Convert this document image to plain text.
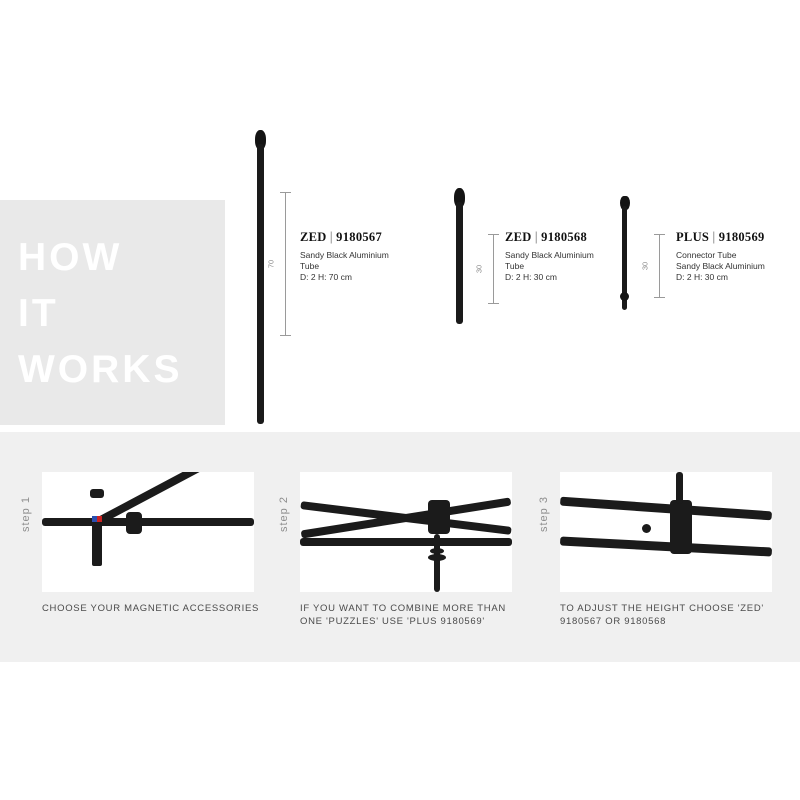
HOW
IT
WORKS
70
ZED | 9180567
Sandy Black Aluminium
Tube
D: 2 H: 70 cm
30
ZED | 9180568
Sandy Black Aluminium
Tube
D: 2 H: 30 cm
30
PLUS | 9180569
Connector Tube
Sandy Black Aluminium
D: 2 H: 30 cm
step 1
CHOOSE YOUR MAGNETIC ACCESSORIES
step 2
IF YOU WANT TO COMBINE MORE THAN ONE 'PUZZLES' USE 'PLUS 9180569'
step 3
TO ADJUST THE HEIGHT CHOOSE 'ZED' 9180567 OR 9180568
